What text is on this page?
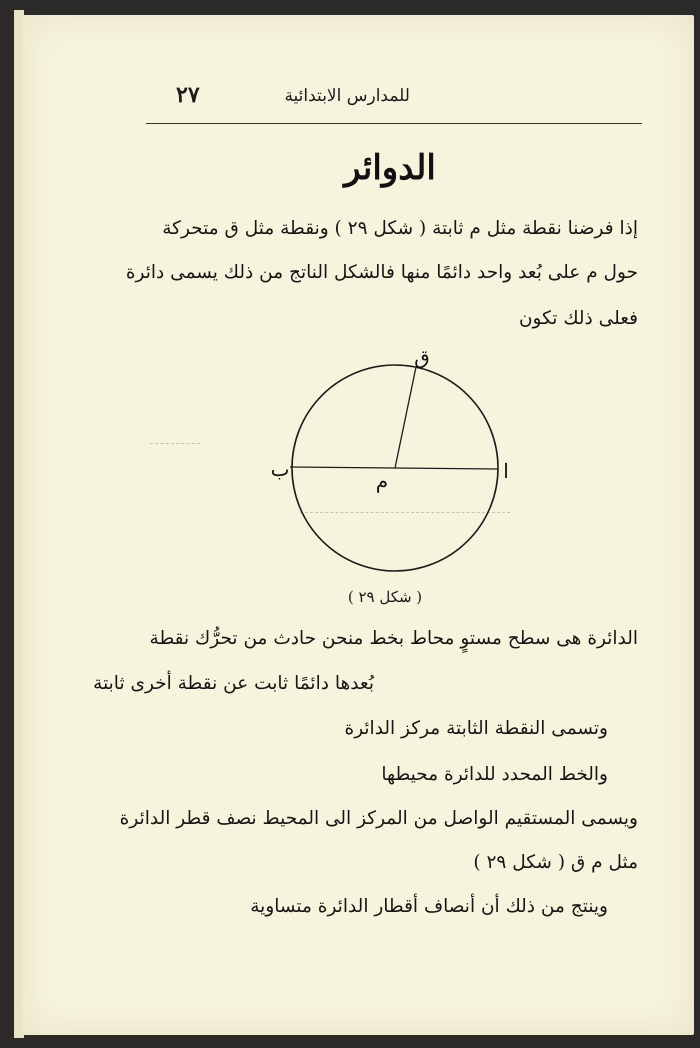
للمدارس الابتدائية
٢٧
الدوائر
إذا فرضنا نقطة مثل م ثابتة ( شكل ٢٩ ) ونقطة مثل ق متحركة
حول م على بُعد واحد دائمًا منها فالشكل الناتج من ذلك يسمى دائرة
فعلى ذلك تكون
ق
ب	ا
م
( شكل ٢٩ )
الدائرة هى سطح مستوٍ محاط بخط منحن حادث من تحرُّك نقطة
بُعدها دائمًا ثابت عن نقطة أخرى ثابتة
وتسمى النقطة الثابتة مركز الدائرة
والخط المحدد للدائرة محيطها
ويسمى المستقيم الواصل من المركز الى المحيط نصف قطر الدائرة
مثل م ق ( شكل ٢٩ )
وينتج من ذلك أن أنصاف أقطار الدائرة متساوية
